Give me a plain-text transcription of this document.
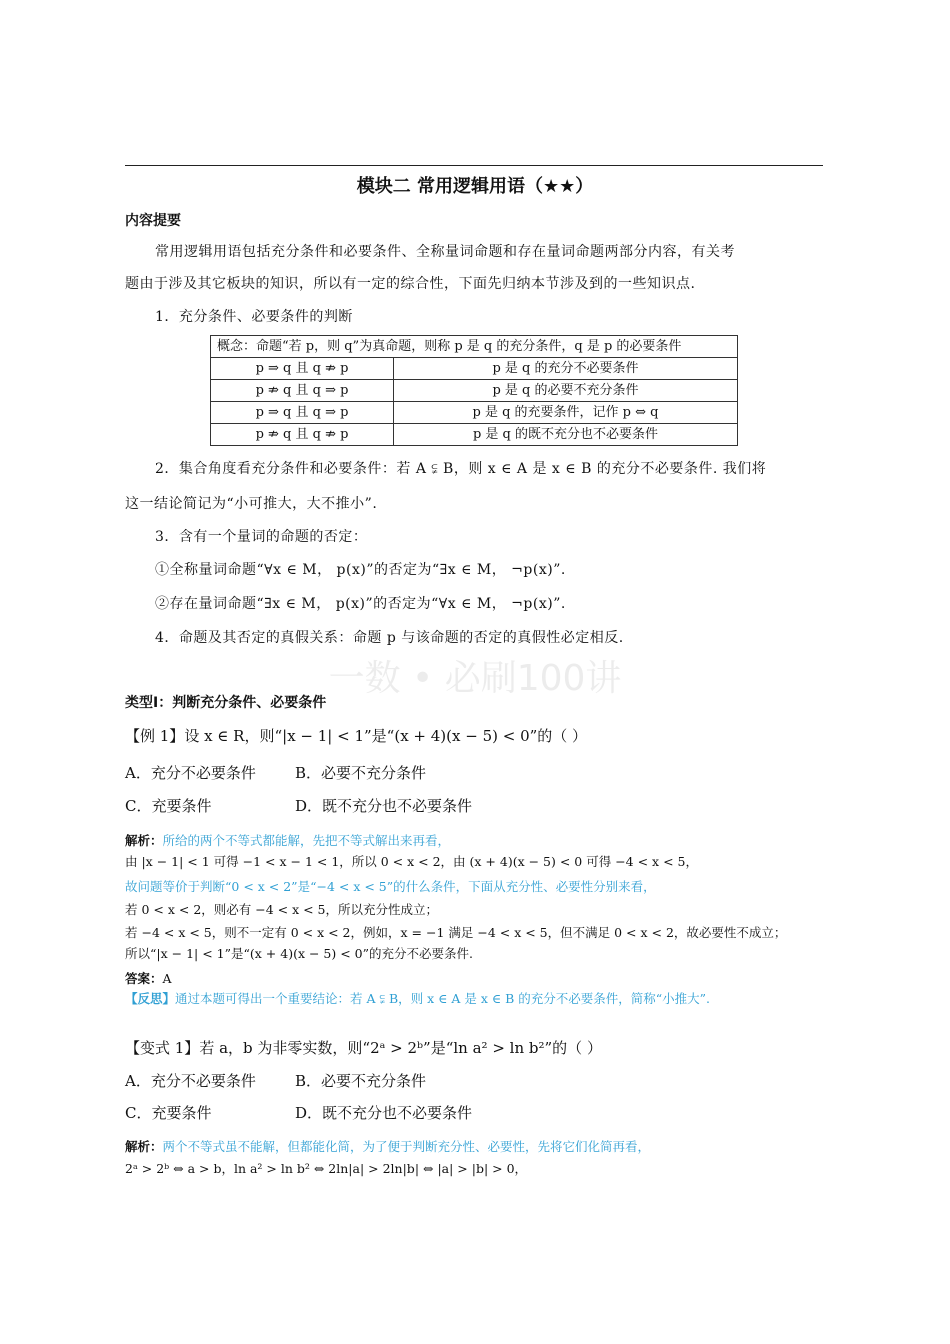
模块二 常用逻辑用语（★★）
内容提要
常用逻辑用语包括充分条件和必要条件、全称量词命题和存在量词命题两部分内容，有关考
题由于涉及其它板块的知识，所以有一定的综合性，下面先归纳本节涉及到的一些知识点.
1．充分条件、必要条件的判断
概念：命题“若 p，则 q”为真命题，则称 p 是 q 的充分条件，q 是 p 的必要条件	
p ⇒ q 且 q ⇏ p	p 是 q 的充分不必要条件
p ⇏ q 且 q ⇒ p	p 是 q 的必要不充分条件
p ⇒ q 且 q ⇒ p	p 是 q 的充要条件，记作 p ⇔ q
p ⇏ q 且 q ⇏ p	p 是 q 的既不充分也不必要条件
2．集合角度看充分条件和必要条件：若 A ⫋ B，则 x ∈ A 是 x ∈ B 的充分不必要条件. 我们将
这一结论简记为“小可推大，大不推小”.
3．含有一个量词的命题的否定：
①全称量词命题“∀x ∈ M， p(x)”的否定为“∃x ∈ M， ¬p(x)”.
②存在量词命题“∃x ∈ M， p(x)”的否定为“∀x ∈ M， ¬p(x)”.
4．命题及其否定的真假关系：命题 p 与该命题的否定的真假性必定相反.
一数 • 必刷100讲
类型Ⅰ：判断充分条件、必要条件
【例 1】设 x ∈ R，则“|x − 1| < 1”是“(x + 4)(x − 5) < 0”的（ ）
A．充分不必要条件	B．必要不充分条件
C．充要条件	D．既不充分也不必要条件
解析：所给的两个不等式都能解，先把不等式解出来再看，
由 |x − 1| < 1 可得 −1 < x − 1 < 1，所以 0 < x < 2，由 (x + 4)(x − 5) < 0 可得 −4 < x < 5，
故问题等价于判断“0 < x < 2”是“−4 < x < 5”的什么条件，下面从充分性、必要性分别来看，
若 0 < x < 2，则必有 −4 < x < 5，所以充分性成立；
若 −4 < x < 5，则不一定有 0 < x < 2，例如，x = −1 满足 −4 < x < 5，但不满足 0 < x < 2，故必要性不成立；
所以“|x − 1| < 1”是“(x + 4)(x − 5) < 0”的充分不必要条件.
答案：A
【反思】通过本题可得出一个重要结论：若 A ⫋ B，则 x ∈ A 是 x ∈ B 的充分不必要条件，简称“小推大”.
【变式 1】若 a，b 为非零实数，则“2ᵃ > 2ᵇ”是“ln a² > ln b²”的（ ）
A．充分不必要条件	B．必要不充分条件
C．充要条件	D．既不充分也不必要条件
解析：两个不等式虽不能解，但都能化简，为了便于判断充分性、必要性，先将它们化简再看，
2ᵃ > 2ᵇ ⇔ a > b，ln a² > ln b² ⇔ 2ln|a| > 2ln|b| ⇔ |a| > |b| > 0，
